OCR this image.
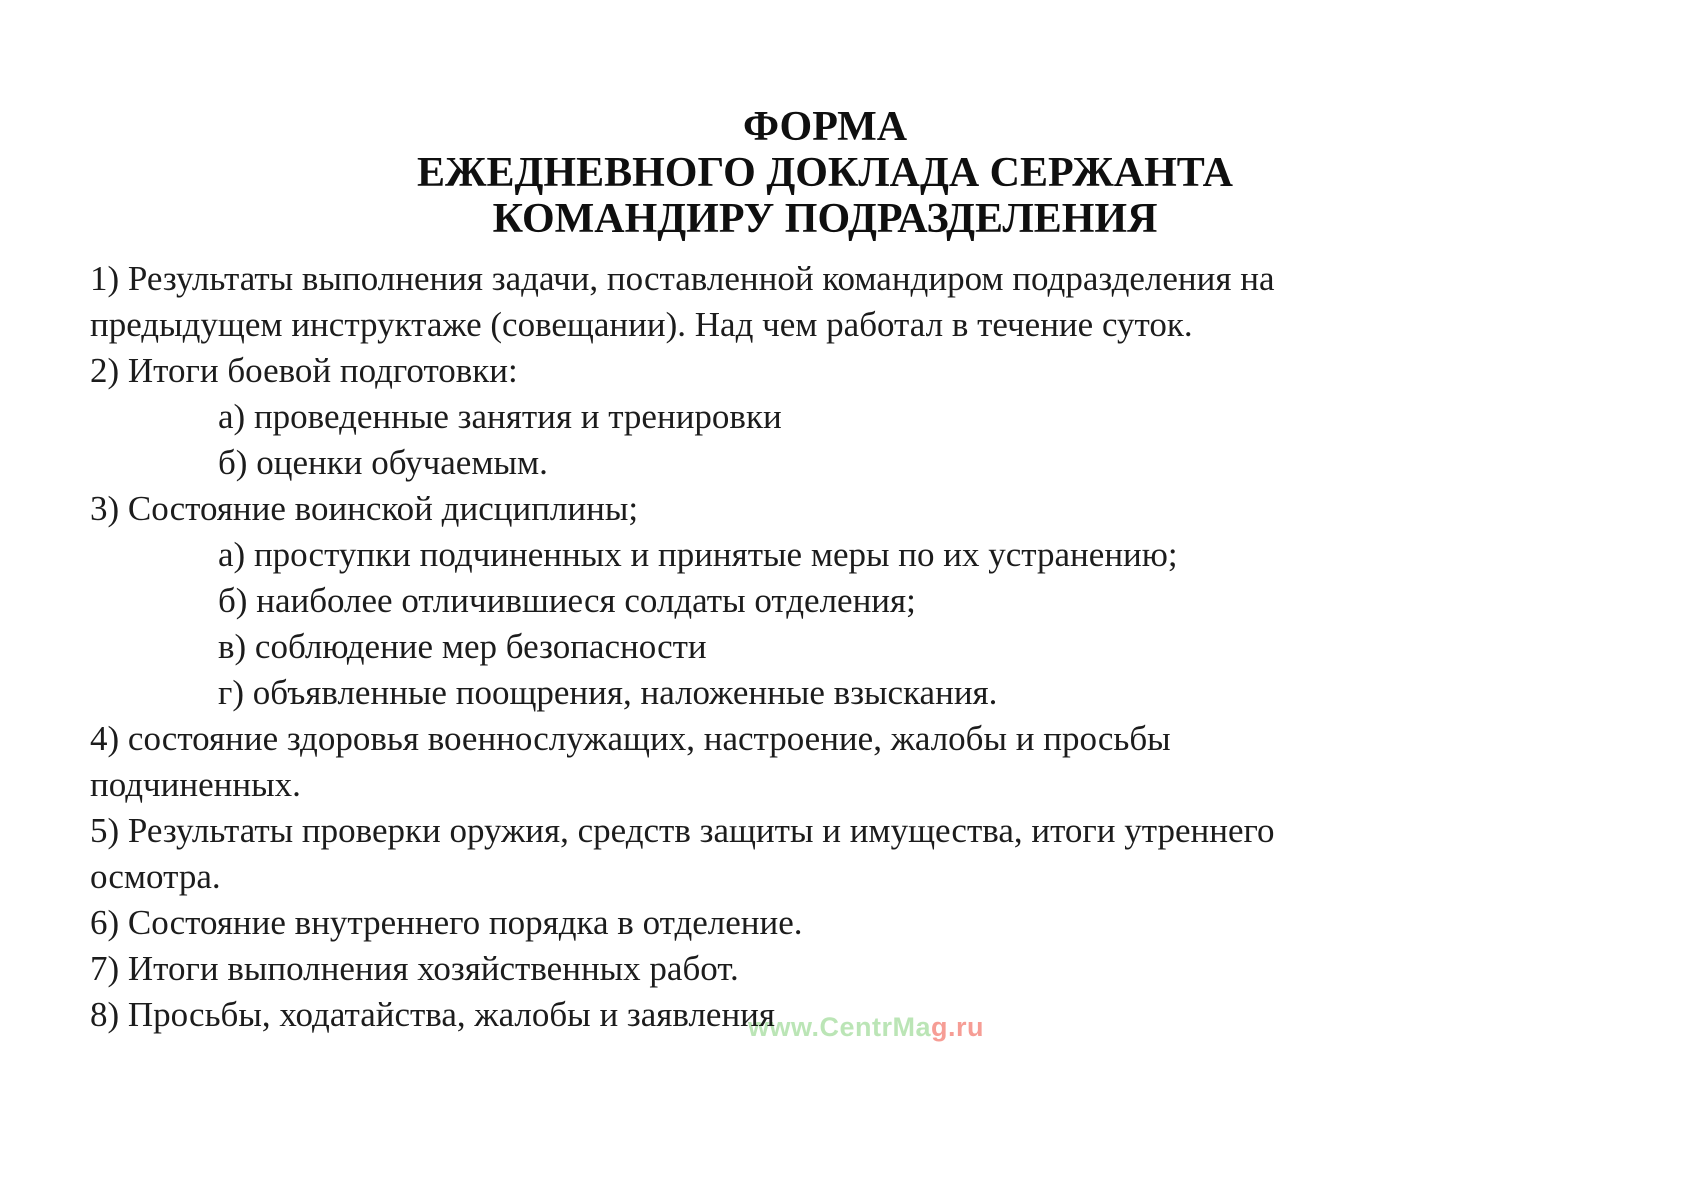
ФОРМА
ЕЖЕДНЕВНОГО ДОКЛАДА СЕРЖАНТА
КОМАНДИРУ ПОДРАЗДЕЛЕНИЯ
1) Результаты выполнения задачи, поставленной командиром подразделения на
предыдущем инструктаже (совещании). Над чем работал в течение суток.
2) Итоги боевой подготовки:
а) проведенные занятия и тренировки
б) оценки обучаемым.
3) Состояние воинской дисциплины;
а) проступки подчиненных и принятые меры по их устранению;
б) наиболее отличившиеся солдаты отделения;
в) соблюдение мер безопасности
г) объявленные поощрения, наложенные взыскания.
4) состояние здоровья военнослужащих, настроение, жалобы и просьбы
подчиненных.
5) Результаты проверки оружия, средств защиты и имущества, итоги утреннего
осмотра.
6) Состояние внутреннего порядка в отделение.
7) Итоги выполнения хозяйственных работ.
8) Просьбы, ходатайства, жалобы и заявления
www.CentrMag.ru
